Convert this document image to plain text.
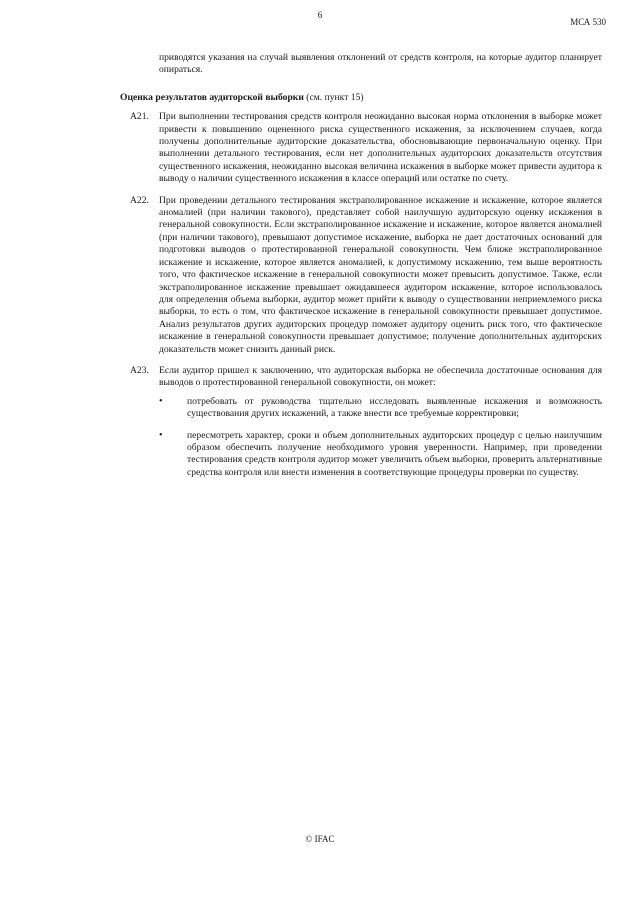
6
МСА 530

приводятся указания на случай выявления отклонений от средств контроля, на которые аудитор планирует опираться.

Оценка результатов аудиторской выборки (см. пункт 15)
A21.	При выполнении тестирования средств контроля неожиданно высокая норма отклонения в выборке может привести к повышению оцененного риска существенного искажения, за исключением случаев, когда получены дополнительные аудиторские доказательства, обосновывающие первоначальную оценку. При выполнении детального тестирования, если нет дополнительных аудиторских доказательств отсутствия существенного искажения, неожиданно высокая величина искажения в выборке может привести аудитора к выводу о наличии существенного искажения в классе операций или остатке по счету.
A22.	При проведении детального тестирования экстраполированное искажение и искажение, которое является аномалией (при наличии такового), представляет собой наилучшую аудиторскую оценку искажения в генеральной совокупности. Если экстраполированное искажение и искажение, которое является аномалией (при наличии такового), превышают допустимое искажение, выборка не дает достаточных оснований для подготовки выводов о протестированной генеральной совокупности. Чем ближе экстраполированное искажение и искажение, которое является аномалией, к допустимому искажению, тем выше вероятность того, что фактическое искажение в генеральной совокупности может превысить допустимое. Также, если экстраполированное искажение превышает ожидавшееся аудитором искажение, которое использовалось для определения объема выборки, аудитор может прийти к выводу о существовании неприемлемого риска выборки, то есть о том, что фактическое искажение в генеральной совокупности превышает допустимое. Анализ результатов других аудиторских процедур поможет аудитору оценить риск того, что фактическое искажение в генеральной совокупности превышает допустимое; получение дополнительных аудиторских доказательств может снизить данный риск.
A23.	Если аудитор пришел к заключению, что аудиторская выборка не обеспечила достаточные основания для выводов о протестированной генеральной совокупности, он может:
•	потребовать от руководства тщательно исследовать выявленные искажения и возможность существования других искажений, а также внести все требуемые корректировки;
•	пересмотреть характер, сроки и объем дополнительных аудиторских процедур с целью наилучшим образом обеспечить получение необходимого уровня уверенности. Например, при проведении тестирования средств контроля аудитор может увеличить объем выборки, проверить альтернативные средства контроля или внести изменения в соответствующие процедуры проверки по существу.
© IFAC
